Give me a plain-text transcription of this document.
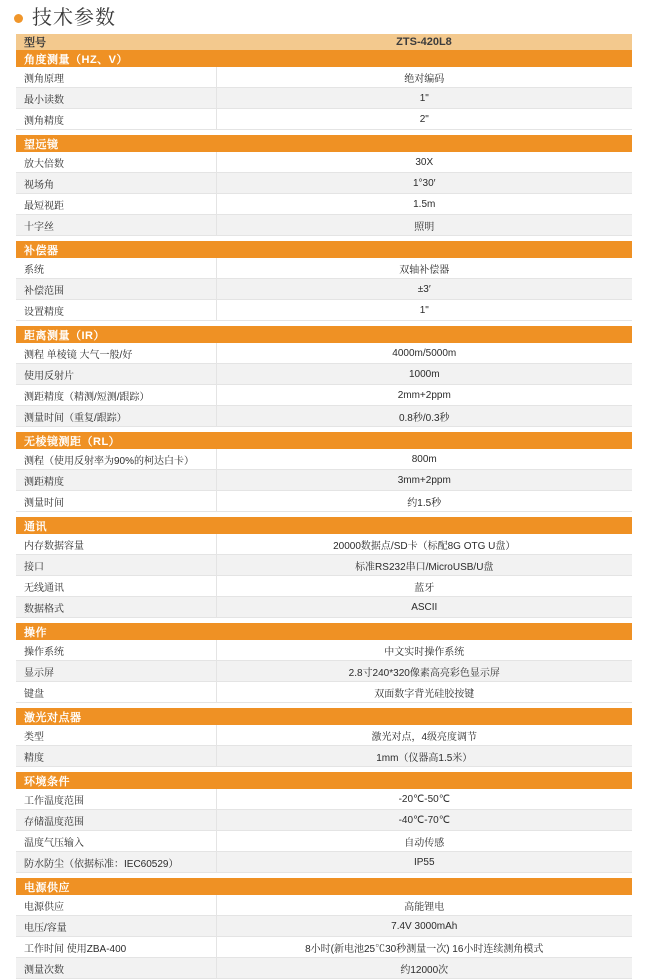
技术参数
型号	ZTS-420L8
角度测量（HZ、V）	
测角原理	绝对编码
最小读数	1"
测角精度	2"

望远镜	
放大倍数	30X
视场角	1°30′
最短视距	1.5m
十字丝	照明

补偿器	
系统	双轴补偿器
补偿范围	±3′
设置精度	1"

距离测量（IR）	
测程 单棱镜 大气一般/好	4000m/5000m
使用反射片	1000m
测距精度（精测/短测/跟踪）	2mm+2ppm
测量时间（重复/跟踪）	0.8秒/0.3秒

无棱镜测距（RL）	
测程（使用反射率为90%的柯达白卡）	800m
测距精度	3mm+2ppm
测量时间	约1.5秒

通讯	
内存数据容量	20000数据点/SD卡（标配8G OTG U盘）
接口	标准RS232串口/MicroUSB/U盘
无线通讯	蓝牙
数据格式	ASCII

操作	
操作系统	中文实时操作系统
显示屏	2.8寸240*320像素高亮彩色显示屏
键盘	双面数字背光硅胶按键

激光对点器	
类型	激光对点，4级亮度调节
精度	1mm（仪器高1.5米）

环境条件	
工作温度范围	-20℃-50℃
存储温度范围	-40℃-70℃
温度气压输入	自动传感
防水防尘（依据标准：IEC60529）	IP55

电源供应	
电源供应	高能锂电
电压/容量	7.4V 3000mAh
工作时间 使用ZBA-400	8小时(新电池25℃30秒测量一次) 16小时连续测角模式
测量次数	约12000次
